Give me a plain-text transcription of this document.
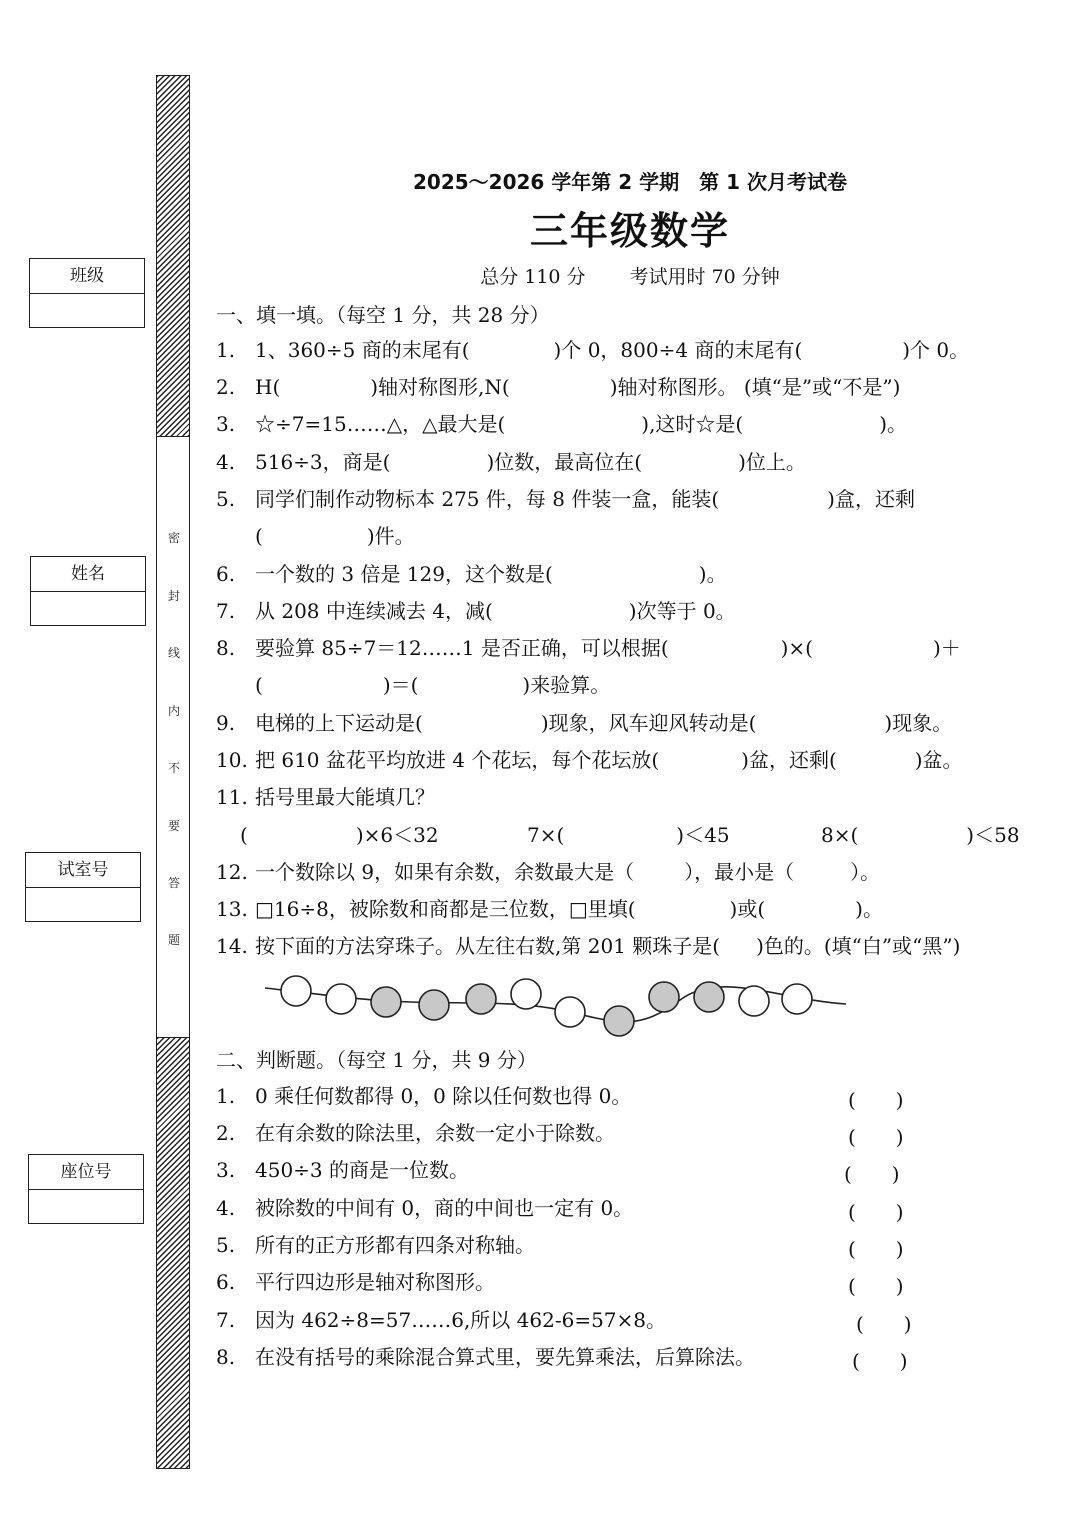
密
封
线
内
不
要
答
题
班级
姓名
试室号
座位号
2025～2026 学年第 2 学期　第 1 次月考试卷
三年级数学
总分 110 分 考试用时 70 分钟
一、填一填。（每空 1 分，共 28 分）
1. 1、360÷5 商的末尾有(	)个 0，800÷4 商的末尾有(	)个 0。
2. H(	)轴对称图形,N(	)轴对称图形。 (填“是”或“不是”)
3. ☆÷7=15……△，△最大是(	),这时☆是(	)。
4. 516÷3，商是(	)位数，最高位在(	)位上。
5. 同学们制作动物标本 275 件，每 8 件装一盒，能装(	)盒，还剩
(	)件。
6. 一个数的 3 倍是 129，这个数是(	)。
7. 从 208 中连续减去 4，减(	)次等于 0。
8. 要验算 85÷7＝12……1 是否正确，可以根据(	)×(	)＋
(	)＝(	)来验算。
9. 电梯的上下运动是(	)现象，风车迎风转动是(	)现象。
10. 把 610 盆花平均放进 4 个花坛，每个花坛放(	)盆，还剩(	)盆。
11. 括号里最大能填几？
(	)×6＜32	7×(	)＜45	8×(	)＜58
12. 一个数除以 9，如果有余数，余数最大是（	），最小是（	）。
13. □16÷8，被除数和商都是三位数，□里填(	)或(	)。
14. 按下面的方法穿珠子。从左往右数,第 201 颗珠子是( )色的。(填“白”或“黑”)
二、判断题。（每空 1 分，共 9 分）
1. 0 乘任何数都得 0，0 除以任何数也得 0。	(　　)
2. 在有余数的除法里，余数一定小于除数。	(　　)
3. 450÷3 的商是一位数。	(　　)
4. 被除数的中间有 0，商的中间也一定有 0。	(　　)
5. 所有的正方形都有四条对称轴。	(　　)
6. 平行四边形是轴对称图形。	(　　)
7. 因为 462÷8=57……6,所以 462-6=57×8。	(　　)
8. 在没有括号的乘除混合算式里，要先算乘法，后算除法。	(　　)
